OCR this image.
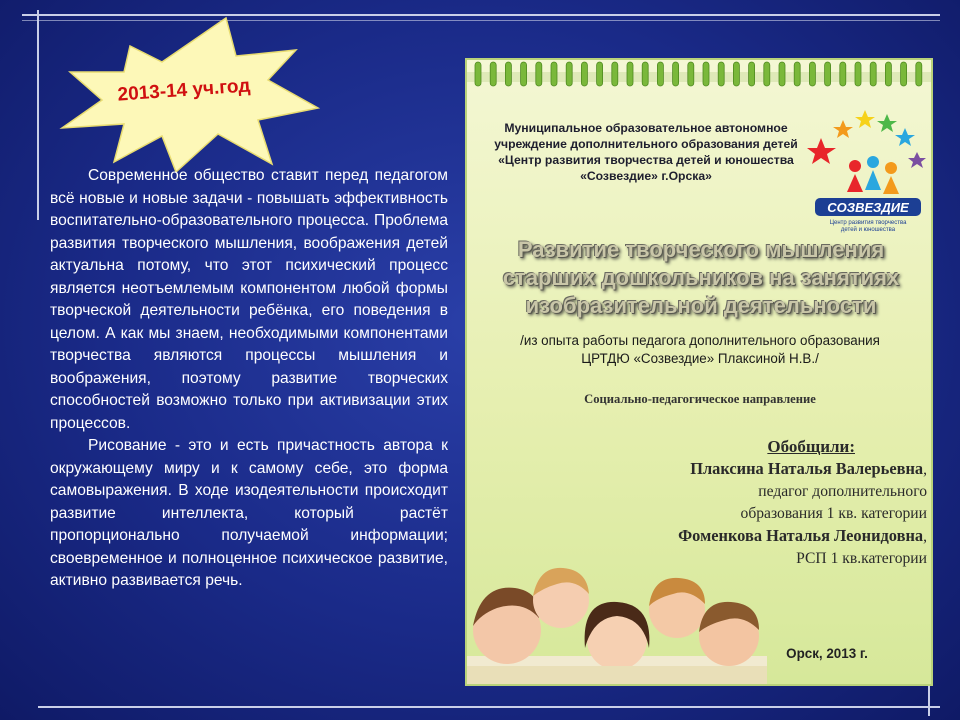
2013-14 уч.год

Современное общество ставит перед педагогом всё новые и новые задачи - повышать эффективность воспитательно-образовательного процесса. Проблема развития творческого мышления, воображения детей актуальна потому, что этот психический процесс является неотъемлемым компонентом любой формы творческой деятельности ребёнка, его поведения в целом. А как мы знаем, необходимыми компонентами творчества являются процессы мышления и воображения, поэтому развитие творческих способностей возможно только при активизации этих процессов.

Рисование - это и есть причастность автора к окружающему миру и к самому себе, это форма самовыражения. В ходе изодеятельности происходит развитие интеллекта, который растёт пропорционально получаемой информации; своевременное и полноценное психическое развитие, активно развивается речь.

Муниципальное образовательное автономное
учреждение дополнительного образования детей
«Центр развития творчества детей и юношества
«Созвездие» г.Орска»
СОЗВЕЗДИЕ
Центр развития творчества
детей и юношества
Развитие творческого мышления
старших дошкольников на занятиях
изобразительной деятельности
/из опыта работы педагога дополнительного образования
ЦРТДЮ «Созвездие» Плаксиной Н.В./
Социально-педагогическое направление
Обобщили:
Плаксина Наталья Валерьевна,
педагог дополнительного
образования 1 кв. категории
Фоменкова Наталья Леонидовна,
РСП 1 кв.категории
Орск, 2013 г.
